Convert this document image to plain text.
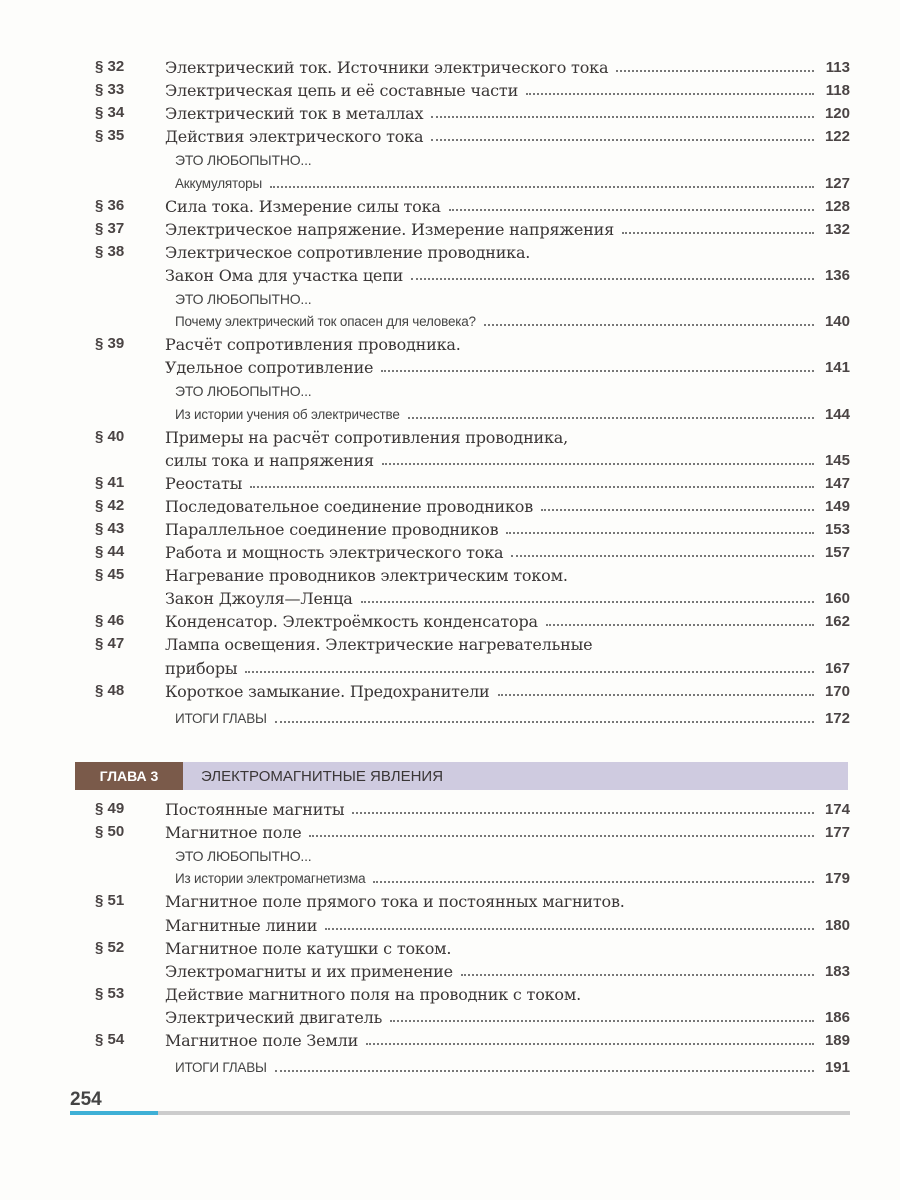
§ 32	Электрический ток. Источники электрического тока	113
§ 33	Электрическая цепь и её составные части	118
§ 34	Электрический ток в металлах	120
§ 35	Действия электрического тока	122
ЭТО ЛЮБОПЫТНО...
Аккумуляторы	127
§ 36	Сила тока. Измерение силы тока	128
§ 37	Электрическое напряжение. Измерение напряжения	132
§ 38	Электрическое сопротивление проводника.
Закон Ома для участка цепи	136
ЭТО ЛЮБОПЫТНО...
Почему электрический ток опасен для человека?	140
§ 39	Расчёт сопротивления проводника.
Удельное сопротивление	141
ЭТО ЛЮБОПЫТНО...
Из истории учения об электричестве	144
§ 40	Примеры на расчёт сопротивления проводника,
силы тока и напряжения	145
§ 41	Реостаты	147
§ 42	Последовательное соединение проводников	149
§ 43	Параллельное соединение проводников	153
§ 44	Работа и мощность электрического тока	157
§ 45	Нагревание проводников электрическим током.
Закон Джоуля—Ленца	160
§ 46	Конденсатор. Электроёмкость конденсатора	162
§ 47	Лампа освещения. Электрические нагревательные
приборы	167
§ 48	Короткое замыкание. Предохранители	170
ИТОГИ ГЛАВЫ	172
ГЛАВА 3	ЭЛЕКТРОМАГНИТНЫЕ ЯВЛЕНИЯ
§ 49	Постоянные магниты	174
§ 50	Магнитное поле	177
ЭТО ЛЮБОПЫТНО...
Из истории электромагнетизма	179
§ 51	Магнитное поле прямого тока и постоянных магнитов.
Магнитные линии	180
§ 52	Магнитное поле катушки с током.
Электромагниты и их применение	183
§ 53	Действие магнитного поля на проводник с током.
Электрический двигатель	186
§ 54	Магнитное поле Земли	189
ИТОГИ ГЛАВЫ	191
254
